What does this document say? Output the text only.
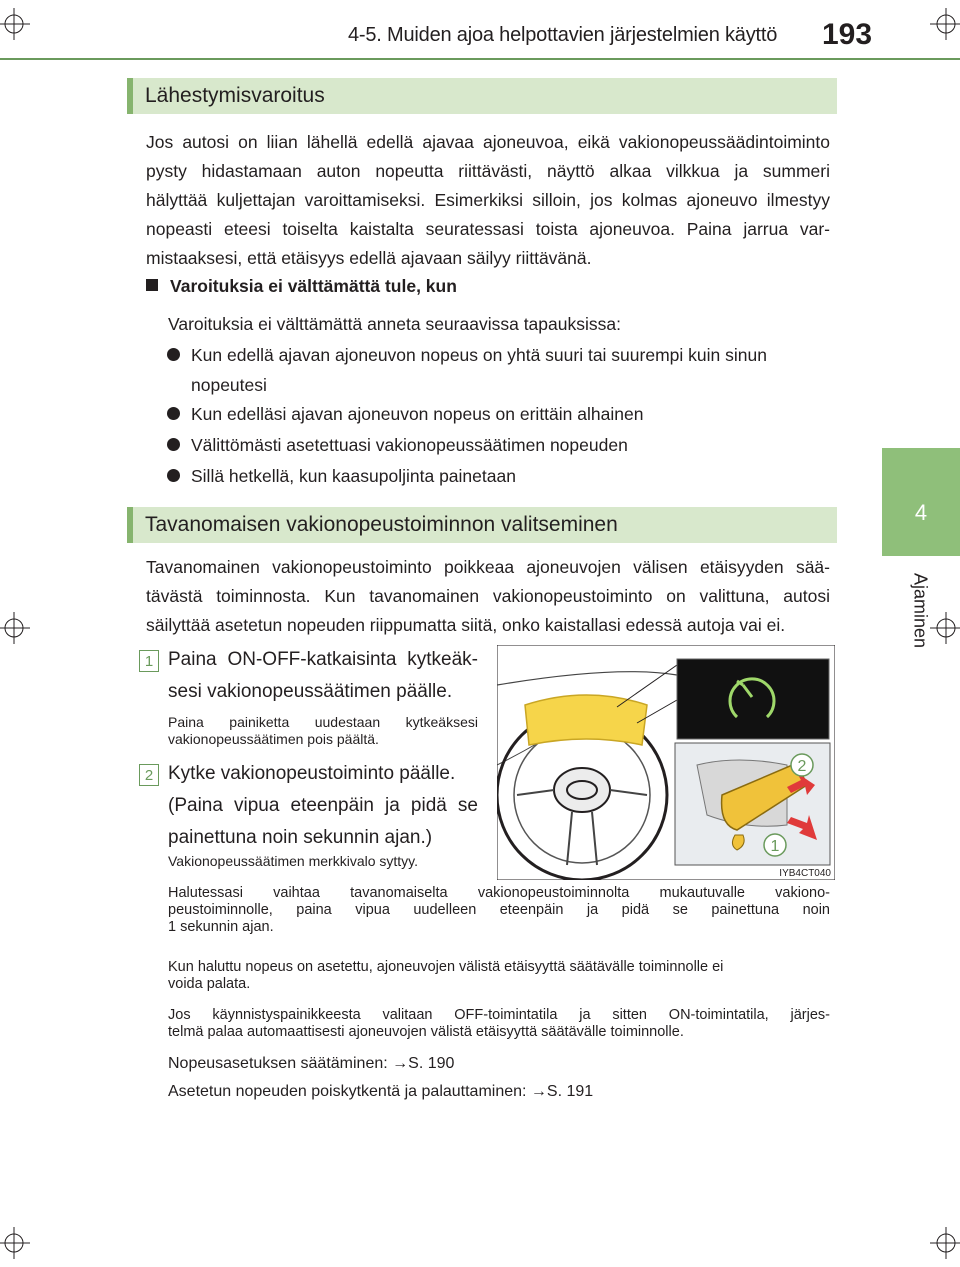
4-5. Muiden ajoa helpottavien järjestelmien käyttö 193
4
Ajaminen
Lähestymisvaroitus
Jos autosi on liian lähellä edellä ajavaa ajoneuvoa, eikä vakionopeussäädintoiminto
pysty hidastamaan auton nopeutta riittävästi, näyttö alkaa vilkkua ja summeri
hälyttää kuljettajan varoittamiseksi. Esimerkiksi silloin, jos kolmas ajoneuvo ilmestyy
nopeasti eteesi toiselta kaistalta seuratessasi toista ajoneuvoa. Paina jarrua var-
mistaaksesi, että etäisyys edellä ajavaan säilyy riittävänä.
Varoituksia ei välttämättä tule, kun
Varoituksia ei välttämättä anneta seuraavissa tapauksissa:
Kun edellä ajavan ajoneuvon nopeus on yhtä suuri tai suurempi kuin sinun nopeutesi
Kun edelläsi ajavan ajoneuvon nopeus on erittäin alhainen
Välittömästi asetettuasi vakionopeussäätimen nopeuden
Sillä hetkellä, kun kaasupoljinta painetaan
Tavanomaisen vakionopeustoiminnon valitseminen
Tavanomainen vakionopeustoiminto poikkeaa ajoneuvojen välisen etäisyyden sää-
tävästä toiminnosta. Kun tavanomainen vakionopeustoiminto on valittuna, autosi
säilyttää asetetun nopeuden riippumatta siitä, onko kaistallasi edessä autoja vai ei.
1 Paina ON-OFF-katkaisinta kytkeäk-
sesi vakionopeussäätimen päälle.
Paina painiketta uudestaan kytkeäksesi
vakionopeussäätimen pois päältä.
2 Kytke vakionopeustoiminto päälle.
(Paina vipua eteenpäin ja pidä se
painettuna noin sekunnin ajan.)
Vakionopeussäätimen merkkivalo syttyy.
2
1
IYB4CT040
Halutessasi vaihtaa tavanomaiselta vakionopeustoiminnolta mukautuvalle vakiono-
peustoiminnolle, paina vipua uudelleen eteenpäin ja pidä se painettuna noin
1 sekunnin ajan.
Kun haluttu nopeus on asetettu, ajoneuvojen välistä etäisyyttä säätävälle toiminnolle ei
voida palata.
Jos käynnistyspainikkeesta valitaan OFF-toimintatila ja sitten ON-toimintatila, järjes-
telmä palaa automaattisesti ajoneuvojen välistä etäisyyttä säätävälle toiminnolle.
Nopeusasetuksen säätäminen: →S. 190
Asetetun nopeuden poiskytkentä ja palauttaminen: →S. 191
